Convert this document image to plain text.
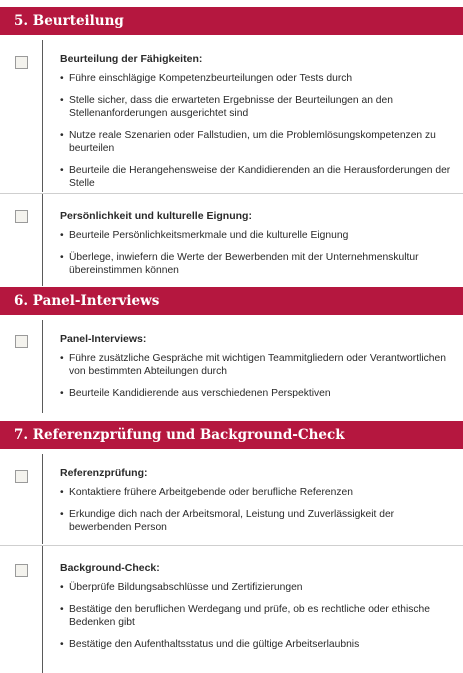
5. Beurteilung
Beurteilung der Fähigkeiten:
• Führe einschlägige Kompetenzbeurteilungen oder Tests durch
• Stelle sicher, dass die erwarteten Ergebnisse der Beurteilungen an den Stellenanforderungen ausgerichtet sind
• Nutze reale Szenarien oder Fallstudien, um die Problemlösungskompetenzen zu beurteilen
• Beurteile die Herangehensweise der Kandidierenden an die Herausforderungen der Stelle
Persönlichkeit und kulturelle Eignung:
• Beurteile Persönlichkeitsmerkmale und die kulturelle Eignung
• Überlege, inwiefern die Werte der Bewerbenden mit der Unternehmenskultur übereinstimmen können
6. Panel-Interviews
Panel-Interviews:
• Führe zusätzliche Gespräche mit wichtigen Teammitgliedern oder Verantwortlichen von bestimmten Abteilungen durch
• Beurteile Kandidierende aus verschiedenen Perspektiven
7. Referenzprüfung und Background-Check
Referenzprüfung:
• Kontaktiere frühere Arbeitgebende oder berufliche Referenzen
• Erkundige dich nach der Arbeitsmoral, Leistung und Zuverlässigkeit der bewerbenden Person
Background-Check:
• Überprüfe Bildungsabschlüsse und Zertifizierungen
• Bestätige den beruflichen Werdegang und prüfe, ob es rechtliche oder ethische Bedenken gibt
• Bestätige den Aufenthaltsstatus und die gültige Arbeitserlaubnis
